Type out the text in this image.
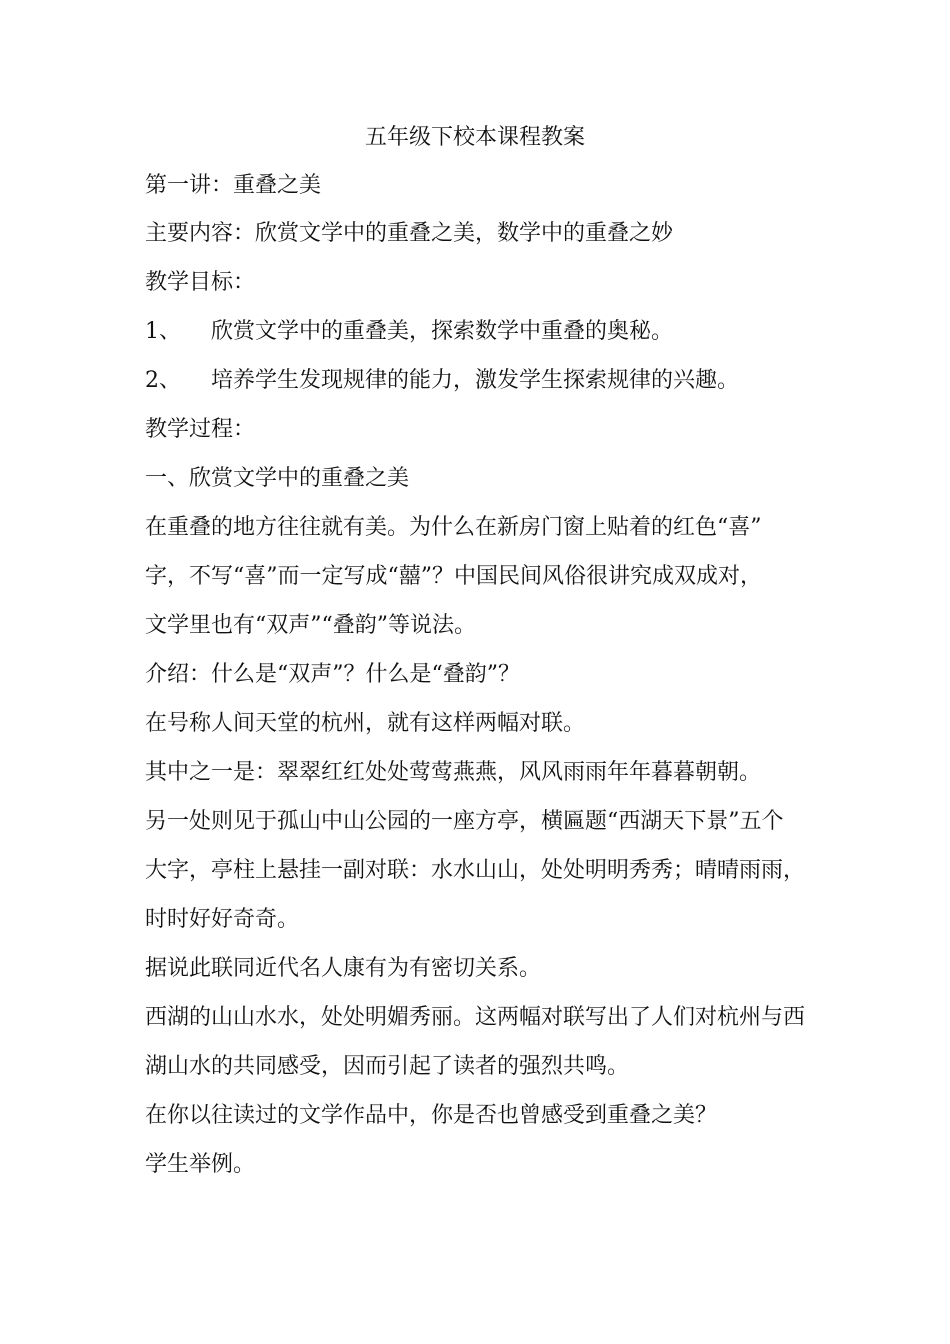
五年级下校本课程教案
第一讲：重叠之美
主要内容：欣赏文学中的重叠之美，数学中的重叠之妙
教学目标：
1、 欣赏文学中的重叠美，探索数学中重叠的奥秘。
2、 培养学生发现规律的能力，激发学生探索规律的兴趣。
教学过程：
一、欣赏文学中的重叠之美
在重叠的地方往往就有美。为什么在新房门窗上贴着的红色“喜”
字，不写“喜”而一定写成“囍”？中国民间风俗很讲究成双成对，
文学里也有“双声”“叠韵”等说法。
介绍：什么是“双声”？什么是“叠韵”？
在号称人间天堂的杭州，就有这样两幅对联。
其中之一是：翠翠红红处处莺莺燕燕，风风雨雨年年暮暮朝朝。
另一处则见于孤山中山公园的一座方亭，横匾题“西湖天下景”五个
大字，亭柱上悬挂一副对联：水水山山，处处明明秀秀；晴晴雨雨，
时时好好奇奇。
据说此联同近代名人康有为有密切关系。
西湖的山山水水，处处明媚秀丽。这两幅对联写出了人们对杭州与西
湖山水的共同感受，因而引起了读者的强烈共鸣。
在你以往读过的文学作品中，你是否也曾感受到重叠之美？
学生举例。
